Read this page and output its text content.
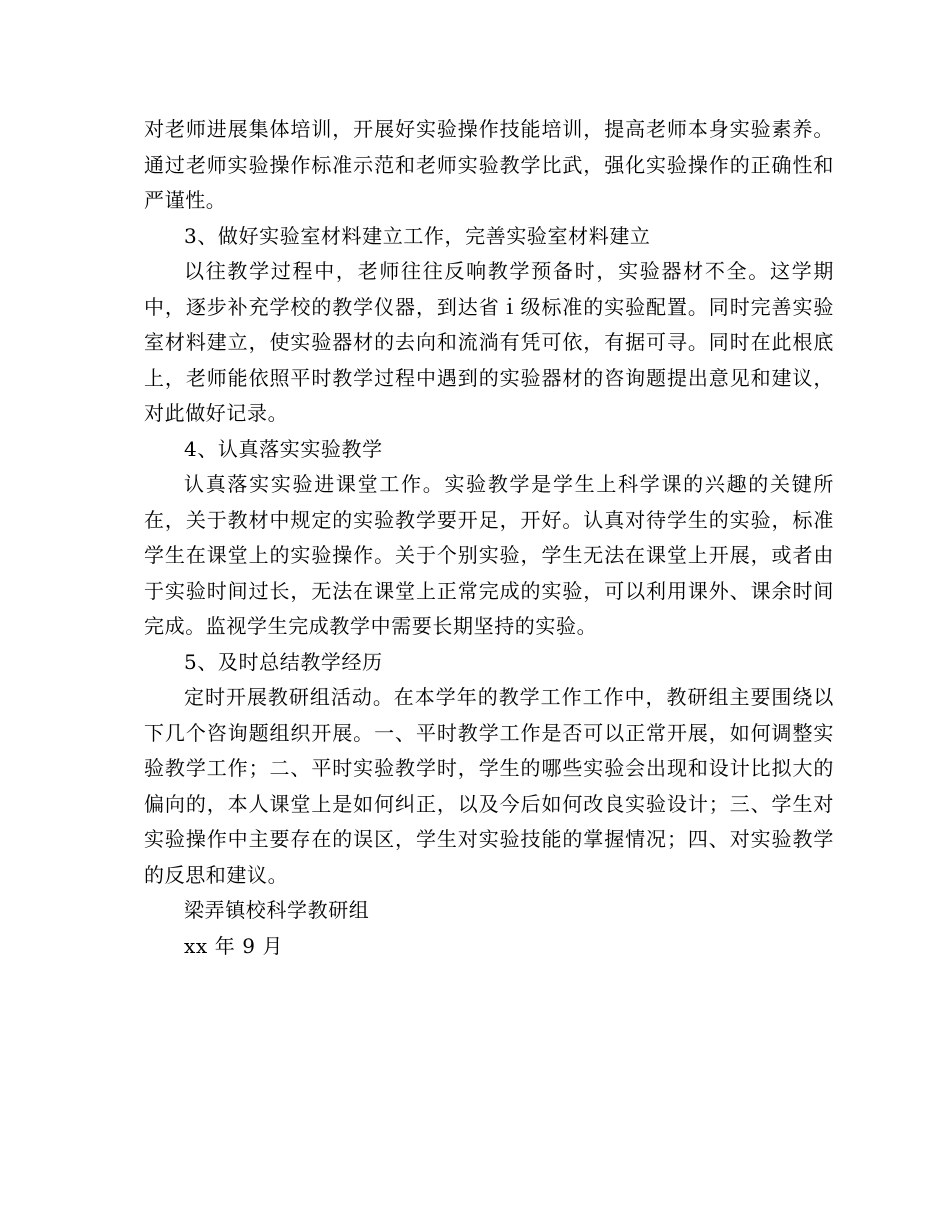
对老师进展集体培训，开展好实验操作技能培训，提高老师本身实验素养。通过老师实验操作标准示范和老师实验教学比武，强化实验操作的正确性和严谨性。

3、做好实验室材料建立工作，完善实验室材料建立

以往教学过程中，老师往往反响教学预备时，实验器材不全。这学期中，逐步补充学校的教学仪器，到达省ｉ级标准的实验配置。同时完善实验室材料建立，使实验器材的去向和流淌有凭可依，有据可寻。同时在此根底上，老师能依照平时教学过程中遇到的实验器材的咨询题提出意见和建议，对此做好记录。

4、认真落实实验教学

认真落实实验进课堂工作。实验教学是学生上科学课的兴趣的关键所在，关于教材中规定的实验教学要开足，开好。认真对待学生的实验，标准学生在课堂上的实验操作。关于个别实验，学生无法在课堂上开展，或者由于实验时间过长，无法在课堂上正常完成的实验，可以利用课外、课余时间完成。监视学生完成教学中需要长期坚持的实验。

5、及时总结教学经历

定时开展教研组活动。在本学年的教学工作工作中，教研组主要围绕以下几个咨询题组织开展。一、平时教学工作是否可以正常开展，如何调整实验教学工作；二、平时实验教学时，学生的哪些实验会出现和设计比拟大的偏向的，本人课堂上是如何纠正，以及今后如何改良实验设计；三、学生对实验操作中主要存在的误区，学生对实验技能的掌握情况；四、对实验教学的反思和建议。

梁弄镇校科学教研组

xx 年 9 月
